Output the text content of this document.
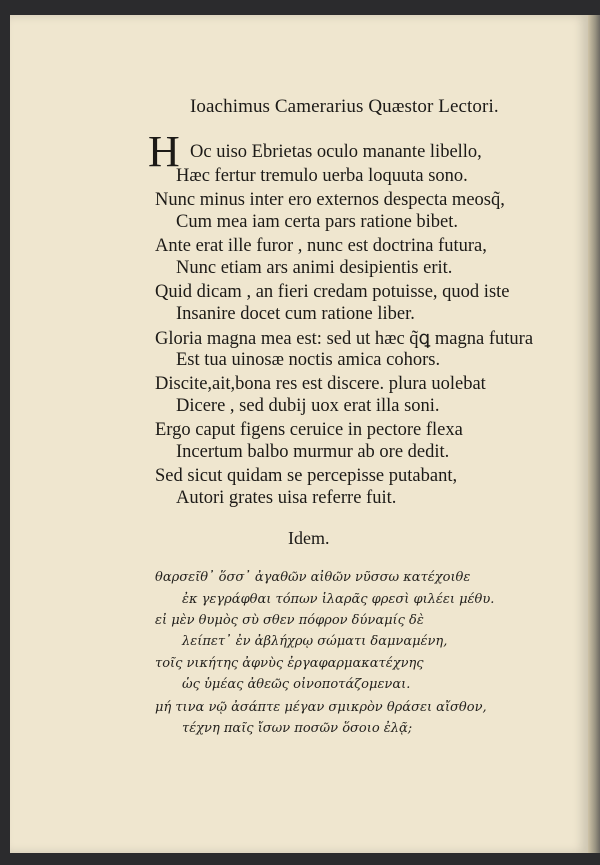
Ioachimus Camerarius Quæstor Lectori.
H Oc uiso Ebrietas oculo manante libello,
Hæc fertur tremulo uerba loquuta sono.
Nunc minus inter ero externos despecta meosq̃,
Cum mea iam certa pars ratione bibet.
Ante erat ille furor , nunc est doctrina futura,
Nunc etiam ars animi desipientis erit.
Quid dicam , an fieri credam potuisse, quod iste
Insanire docet cum ratione liber.
Gloria magna mea est: sed ut hæc q̃ꝗ magna futura
Est tua uinosæ noctis amica cohors.
Discite,ait,bona res est discere. plura uolebat
Dicere , sed dubij uox erat illa soni.
Ergo caput figens ceruice in pectore flexa
Incertum balbo murmur ab ore dedit.
Sed sicut quidam se percepisse putabant,
Autori grates uisa referre fuit.
Idem.
θαρσεῖθ᾽ ὅσσ᾽ ἀγαθῶν αἰθῶν νῦσσω κατέχοιθε
ἐκ γεγράφθαι τόπων ἱλαρᾶς φρεσὶ φιλέει μέθυ.
εἰ μὲν θυμὸς σὺ σθεν πόφρον δύναμίς δὲ
λείπετ᾽ ἐν ἀβλήχρῳ σώματι δαμναμένη,
τοῖς νικήτης ἀφνὺς ἐργαφαρμακατέχνης
ὡς ὑμέας ἀθεῶς οἰνοποτάζομεναι.
μή τινα νῷ ἀσάπτε μέγαν σμικρὸν θράσει αἴσθον,
τέχνη παῖς ἴσων ποσῶν ὅσοιο ἐλᾷ;
